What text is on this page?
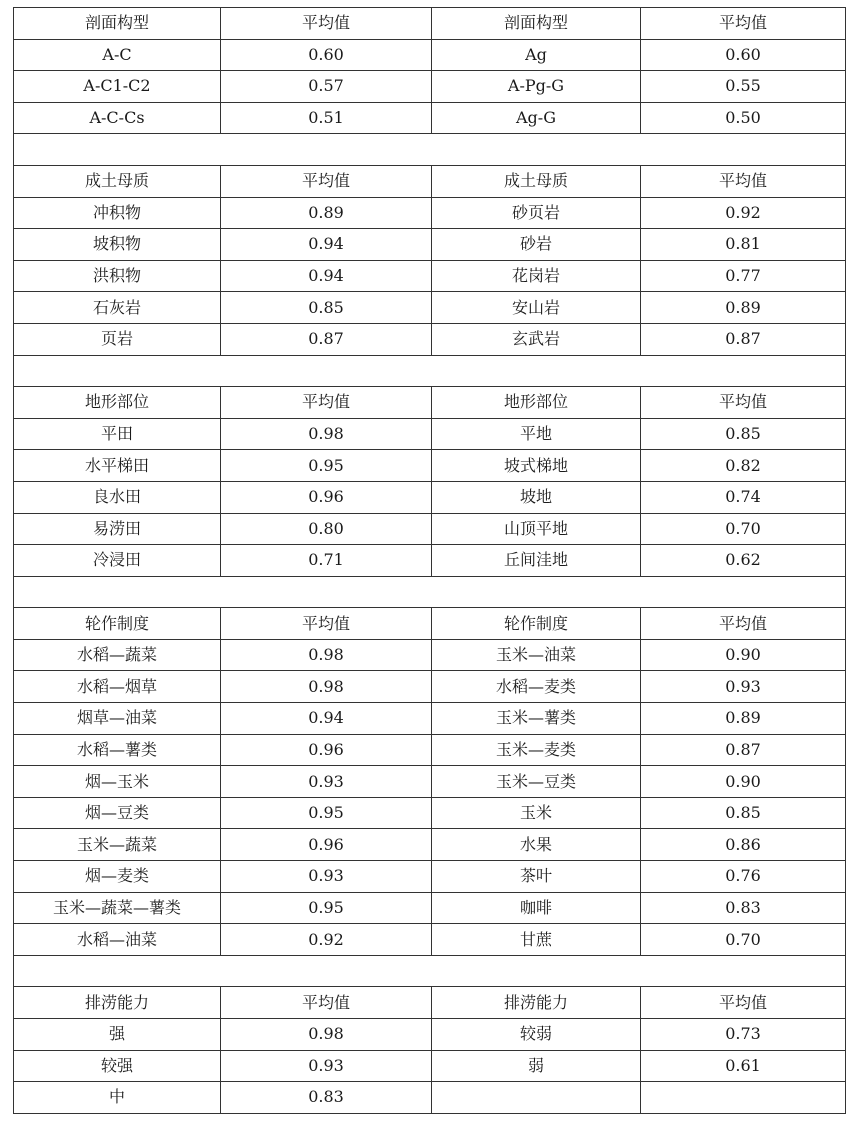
剖面构型	平均值	剖面构型	平均值
A-C	0.60	Ag	0.60
A-C1-C2	0.57	A-Pg-G	0.55
A-C-Cs	0.51	Ag-G	0.50

成土母质	平均值	成土母质	平均值
冲积物	0.89	砂页岩	0.92
坡积物	0.94	砂岩	0.81
洪积物	0.94	花岗岩	0.77
石灰岩	0.85	安山岩	0.89
页岩	0.87	玄武岩	0.87

地形部位	平均值	地形部位	平均值
平田	0.98	平地	0.85
水平梯田	0.95	坡式梯地	0.82
良水田	0.96	坡地	0.74
易涝田	0.80	山顶平地	0.70
冷浸田	0.71	丘间洼地	0.62

轮作制度	平均值	轮作制度	平均值
水稻—蔬菜	0.98	玉米—油菜	0.90
水稻—烟草	0.98	水稻—麦类	0.93
烟草—油菜	0.94	玉米—薯类	0.89
水稻—薯类	0.96	玉米—麦类	0.87
烟—玉米	0.93	玉米—豆类	0.90
烟—豆类	0.95	玉米	0.85
玉米—蔬菜	0.96	水果	0.86
烟—麦类	0.93	茶叶	0.76
玉米—蔬菜—薯类	0.95	咖啡	0.83
水稻—油菜	0.92	甘蔗	0.70

排涝能力	平均值	排涝能力	平均值
强	0.98	较弱	0.73
较强	0.93	弱	0.61
中	0.83		
